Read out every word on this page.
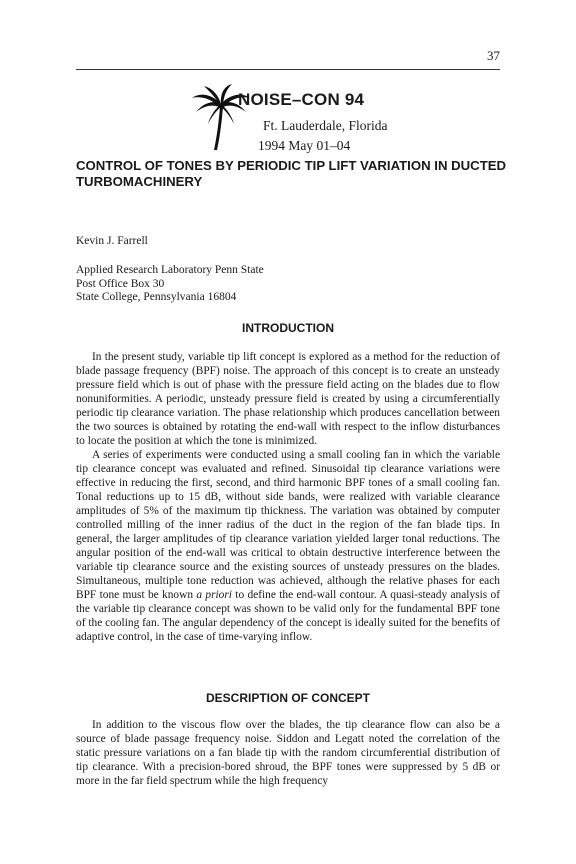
37
NOISE–CON 94
Ft. Lauderdale, Florida
1994 May 01–04
CONTROL OF TONES BY PERIODIC TIP LIFT VARIATION IN DUCTED TURBOMACHINERY
Kevin J. Farrell
Applied Research Laboratory Penn State
Post Office Box 30
State College, Pennsylvania 16804
INTRODUCTION

In the present study, variable tip lift concept is explored as a method for the reduction of blade passage frequency (BPF) noise. The approach of this concept is to create an unsteady pressure field which is out of phase with the pressure field acting on the blades due to flow nonuniformities. A periodic, unsteady pressure field is created by using a circumferentially periodic tip clearance variation. The phase relationship which produces cancellation between the two sources is obtained by rotating the end-wall with respect to the inflow disturbances to locate the position at which the tone is minimized.

A series of experiments were conducted using a small cooling fan in which the variable tip clearance concept was evaluated and refined. Sinusoidal tip clearance variations were effective in reducing the first, second, and third harmonic BPF tones of a small cooling fan. Tonal reductions up to 15 dB, without side bands, were realized with variable clearance amplitudes of 5% of the maximum tip thickness. The variation was obtained by computer controlled milling of the inner radius of the duct in the region of the fan blade tips. In general, the larger amplitudes of tip clearance variation yielded larger tonal reductions. The angular position of the end-wall was critical to obtain destructive interference between the variable tip clearance source and the existing sources of unsteady pressures on the blades. Simultaneous, multiple tone reduction was achieved, although the relative phases for each BPF tone must be known a priori to define the end-wall contour. A quasi-steady analysis of the variable tip clearance concept was shown to be valid only for the fundamental BPF tone of the cooling fan. The angular dependency of the concept is ideally suited for the benefits of adaptive control, in the case of time-varying inflow.

DESCRIPTION OF CONCEPT

In addition to the viscous flow over the blades, the tip clearance flow can also be a source of blade passage frequency noise. Siddon and Legatt noted the correlation of the static pressure variations on a fan blade tip with the random circumferential distribution of tip clearance. With a precision-bored shroud, the BPF tones were suppressed by 5 dB or more in the far field spectrum while the high frequency
